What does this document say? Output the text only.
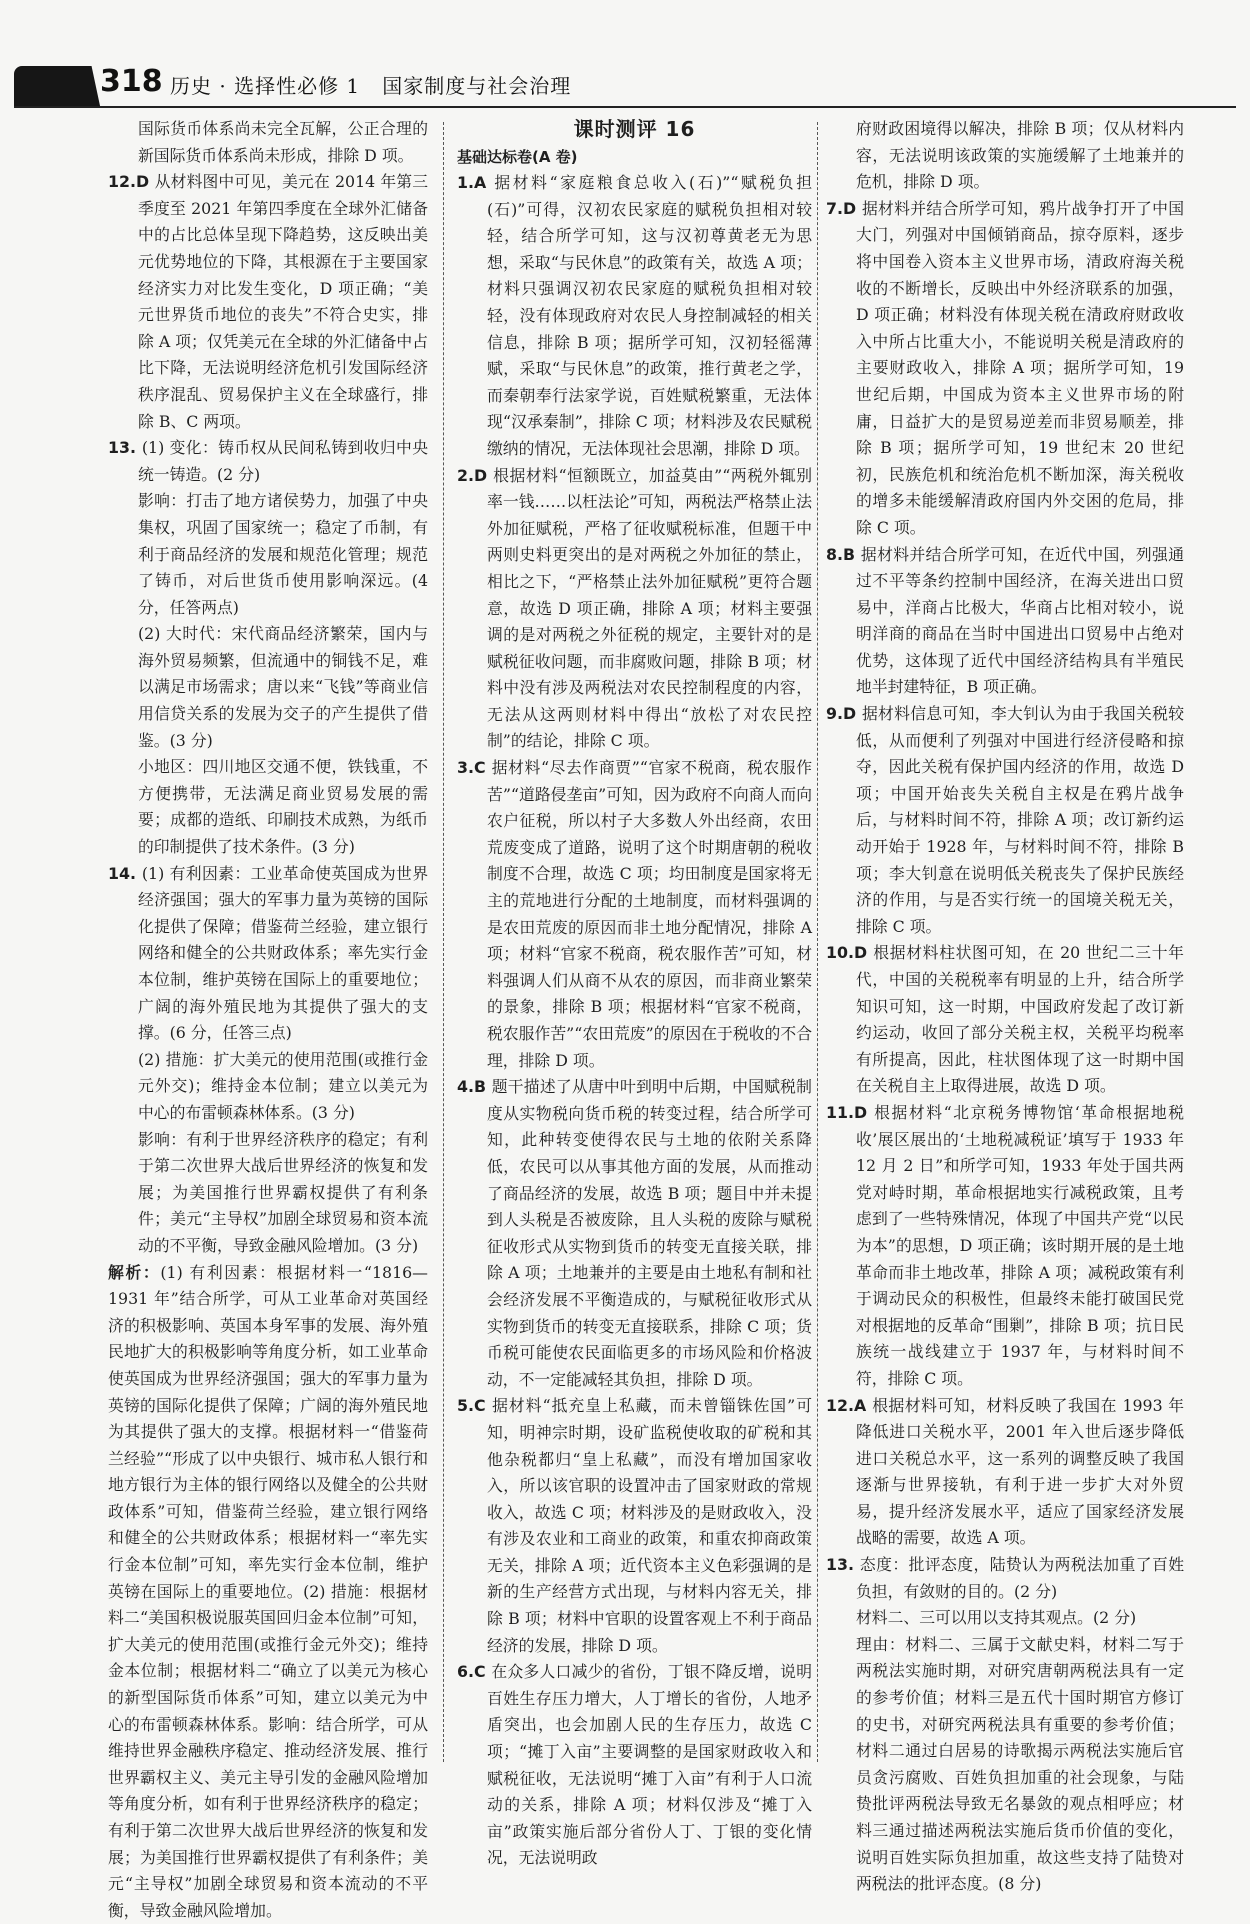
318 历史 · 选择性必修 1   国家制度与社会治理

国际货币体系尚未完全瓦解，公正合理的新国际货币体系尚未形成，排除 D 项。

12.D 从材料图中可见，美元在 2014 年第三季度至 2021 年第四季度在全球外汇储备中的占比总体呈现下降趋势，这反映出美元优势地位的下降，其根源在于主要国家经济实力对比发生变化，D 项正确；“美元世界货币地位的丧失”不符合史实，排除 A 项；仅凭美元在全球的外汇储备中占比下降，无法说明经济危机引发国际经济秩序混乱、贸易保护主义在全球盛行，排除 B、C 两项。

13. (1) 变化：铸币权从民间私铸到收归中央统一铸造。(2 分)

影响：打击了地方诸侯势力，加强了中央集权，巩固了国家统一；稳定了币制，有利于商品经济的发展和规范化管理；规范了铸币，对后世货币使用影响深远。(4 分，任答两点)

(2) 大时代：宋代商品经济繁荣，国内与海外贸易频繁，但流通中的铜钱不足，难以满足市场需求；唐以来“飞钱”等商业信用信贷关系的发展为交子的产生提供了借鉴。(3 分)

小地区：四川地区交通不便，铁钱重，不方便携带，无法满足商业贸易发展的需要；成都的造纸、印刷技术成熟，为纸币的印制提供了技术条件。(3 分)

14. (1) 有利因素：工业革命使英国成为世界经济强国；强大的军事力量为英镑的国际化提供了保障；借鉴荷兰经验，建立银行网络和健全的公共财政体系；率先实行金本位制，维护英镑在国际上的重要地位；广阔的海外殖民地为其提供了强大的支撑。(6 分，任答三点)

(2) 措施：扩大美元的使用范围(或推行金元外交)；维持金本位制；建立以美元为中心的布雷顿森林体系。(3 分)

影响：有利于世界经济秩序的稳定；有利于第二次世界大战后世界经济的恢复和发展；为美国推行世界霸权提供了有利条件；美元“主导权”加剧全球贸易和资本流动的不平衡，导致金融风险增加。(3 分)

解析：(1) 有利因素：根据材料一“1816—1931 年”结合所学，可从工业革命对英国经济的积极影响、英国本身军事的发展、海外殖民地扩大的积极影响等角度分析，如工业革命使英国成为世界经济强国；强大的军事力量为英镑的国际化提供了保障；广阔的海外殖民地为其提供了强大的支撑。根据材料一“借鉴荷兰经验”“形成了以中央银行、城市私人银行和地方银行为主体的银行网络以及健全的公共财政体系”可知，借鉴荷兰经验，建立银行网络和健全的公共财政体系；根据材料一“率先实行金本位制”可知，率先实行金本位制，维护英镑在国际上的重要地位。(2) 措施：根据材料二“美国积极说服英国回归金本位制”可知，扩大美元的使用范围(或推行金元外交)；维持金本位制；根据材料二“确立了以美元为核心的新型国际货币体系”可知，建立以美元为中心的布雷顿森林体系。影响：结合所学，可从维持世界金融秩序稳定、推动经济发展、推行世界霸权主义、美元主导引发的金融风险增加等角度分析，如有利于世界经济秩序的稳定；有利于第二次世界大战后世界经济的恢复和发展；为美国推行世界霸权提供了有利条件；美元“主导权”加剧全球贸易和资本流动的不平衡，导致金融风险增加。

课时测评 16
基础达标卷(A 卷)

1.A 据材料“家庭粮食总收入(石)”“赋税负担(石)”可得，汉初农民家庭的赋税负担相对较轻，结合所学可知，这与汉初尊黄老无为思想，采取“与民休息”的政策有关，故选 A 项；材料只强调汉初农民家庭的赋税负担相对较轻，没有体现政府对农民人身控制减轻的相关信息，排除 B 项；据所学可知，汉初轻徭薄赋，采取“与民休息”的政策，推行黄老之学，而秦朝奉行法家学说，百姓赋税繁重，无法体现“汉承秦制”，排除 C 项；材料涉及农民赋税缴纳的情况，无法体现社会思潮，排除 D 项。

2.D 根据材料“恒额既立，加益莫由”“两税外辄别率一钱……以枉法论”可知，两税法严格禁止法外加征赋税，严格了征收赋税标准，但题干中两则史料更突出的是对两税之外加征的禁止，相比之下，“严格禁止法外加征赋税”更符合题意，故选 D 项正确，排除 A 项；材料主要强调的是对两税之外征税的规定，主要针对的是赋税征收问题，而非腐败问题，排除 B 项；材料中没有涉及两税法对农民控制程度的内容，无法从这两则材料中得出“放松了对农民控制”的结论，排除 C 项。

3.C 据材料“尽去作商贾”“官家不税商，税农服作苦”“道路侵垄亩”可知，因为政府不向商人而向农户征税，所以村子大多数人外出经商，农田荒废变成了道路，说明了这个时期唐朝的税收制度不合理，故选 C 项；均田制度是国家将无主的荒地进行分配的土地制度，而材料强调的是农田荒废的原因而非土地分配情况，排除 A 项；材料“官家不税商，税农服作苦”可知，材料强调人们从商不从农的原因，而非商业繁荣的景象，排除 B 项；根据材料“官家不税商，税农服作苦”“农田荒废”的原因在于税收的不合理，排除 D 项。

4.B 题干描述了从唐中叶到明中后期，中国赋税制度从实物税向货币税的转变过程，结合所学可知，此种转变使得农民与土地的依附关系降低，农民可以从事其他方面的发展，从而推动了商品经济的发展，故选 B 项；题目中并未提到人头税是否被废除，且人头税的废除与赋税征收形式从实物到货币的转变无直接关联，排除 A 项；土地兼并的主要是由土地私有制和社会经济发展不平衡造成的，与赋税征收形式从实物到货币的转变无直接联系，排除 C 项；货币税可能使农民面临更多的市场风险和价格波动，不一定能减轻其负担，排除 D 项。

5.C 据材料“抵充皇上私藏，而未曾锱铢佐国”可知，明神宗时期，设矿监税使收取的矿税和其他杂税都归“皇上私藏”，而没有增加国家收入，所以该官职的设置冲击了国家财政的常规收入，故选 C 项；材料涉及的是财政收入，没有涉及农业和工商业的政策，和重农抑商政策无关，排除 A 项；近代资本主义色彩强调的是新的生产经营方式出现，与材料内容无关，排除 B 项；材料中官职的设置客观上不利于商品经济的发展，排除 D 项。

6.C 在众多人口减少的省份，丁银不降反增，说明百姓生存压力增大，人丁增长的省份，人地矛盾突出，也会加剧人民的生存压力，故选 C 项；“摊丁入亩”主要调整的是国家财政收入和赋税征收，无法说明“摊丁入亩”有利于人口流动的关系，排除 A 项；材料仅涉及“摊丁入亩”政策实施后部分省份人丁、丁银的变化情况，无法说明政

府财政困境得以解决，排除 B 项；仅从材料内容，无法说明该政策的实施缓解了土地兼并的危机，排除 D 项。

7.D 据材料并结合所学可知，鸦片战争打开了中国大门，列强对中国倾销商品，掠夺原料，逐步将中国卷入资本主义世界市场，清政府海关税收的不断增长，反映出中外经济联系的加强，D 项正确；材料没有体现关税在清政府财政收入中所占比重大小，不能说明关税是清政府的主要财政收入，排除 A 项；据所学可知，19 世纪后期，中国成为资本主义世界市场的附庸，日益扩大的是贸易逆差而非贸易顺差，排除 B 项；据所学可知，19 世纪末 20 世纪初，民族危机和统治危机不断加深，海关税收的增多未能缓解清政府国内外交困的危局，排除 C 项。

8.B 据材料并结合所学可知，在近代中国，列强通过不平等条约控制中国经济，在海关进出口贸易中，洋商占比极大，华商占比相对较小，说明洋商的商品在当时中国进出口贸易中占绝对优势，这体现了近代中国经济结构具有半殖民地半封建特征，B 项正确。

9.D 据材料信息可知，李大钊认为由于我国关税较低，从而便利了列强对中国进行经济侵略和掠夺，因此关税有保护国内经济的作用，故选 D 项；中国开始丧失关税自主权是在鸦片战争后，与材料时间不符，排除 A 项；改订新约运动开始于 1928 年，与材料时间不符，排除 B 项；李大钊意在说明低关税丧失了保护民族经济的作用，与是否实行统一的国境关税无关，排除 C 项。

10.D 根据材料柱状图可知，在 20 世纪二三十年代，中国的关税税率有明显的上升，结合所学知识可知，这一时期，中国政府发起了改订新约运动，收回了部分关税主权，关税平均税率有所提高，因此，柱状图体现了这一时期中国在关税自主上取得进展，故选 D 项。

11.D 根据材料“北京税务博物馆‘革命根据地税收’展区展出的‘土地税减税证’填写于 1933 年 12 月 2 日”和所学可知，1933 年处于国共两党对峙时期，革命根据地实行减税政策，且考虑到了一些特殊情况，体现了中国共产党“以民为本”的思想，D 项正确；该时期开展的是土地革命而非土地改革，排除 A 项；减税政策有利于调动民众的积极性，但最终未能打破国民党对根据地的反革命“围剿”，排除 B 项；抗日民族统一战线建立于 1937 年，与材料时间不符，排除 C 项。

12.A 根据材料可知，材料反映了我国在 1993 年降低进口关税水平，2001 年入世后逐步降低进口关税总水平，这一系列的调整反映了我国逐渐与世界接轨，有利于进一步扩大对外贸易，提升经济发展水平，适应了国家经济发展战略的需要，故选 A 项。

13. 态度：批评态度，陆贽认为两税法加重了百姓负担，有敛财的目的。(2 分)

材料二、三可以用以支持其观点。(2 分)

理由：材料二、三属于文献史料，材料二写于两税法实施时期，对研究唐朝两税法具有一定的参考价值；材料三是五代十国时期官方修订的史书，对研究两税法具有重要的参考价值；材料二通过白居易的诗歌揭示两税法实施后官员贪污腐败、百姓负担加重的社会现象，与陆贽批评两税法导致无名暴敛的观点相呼应；材料三通过描述两税法实施后货币价值的变化，说明百姓实际负担加重，故这些支持了陆贽对两税法的批评态度。(8 分)
